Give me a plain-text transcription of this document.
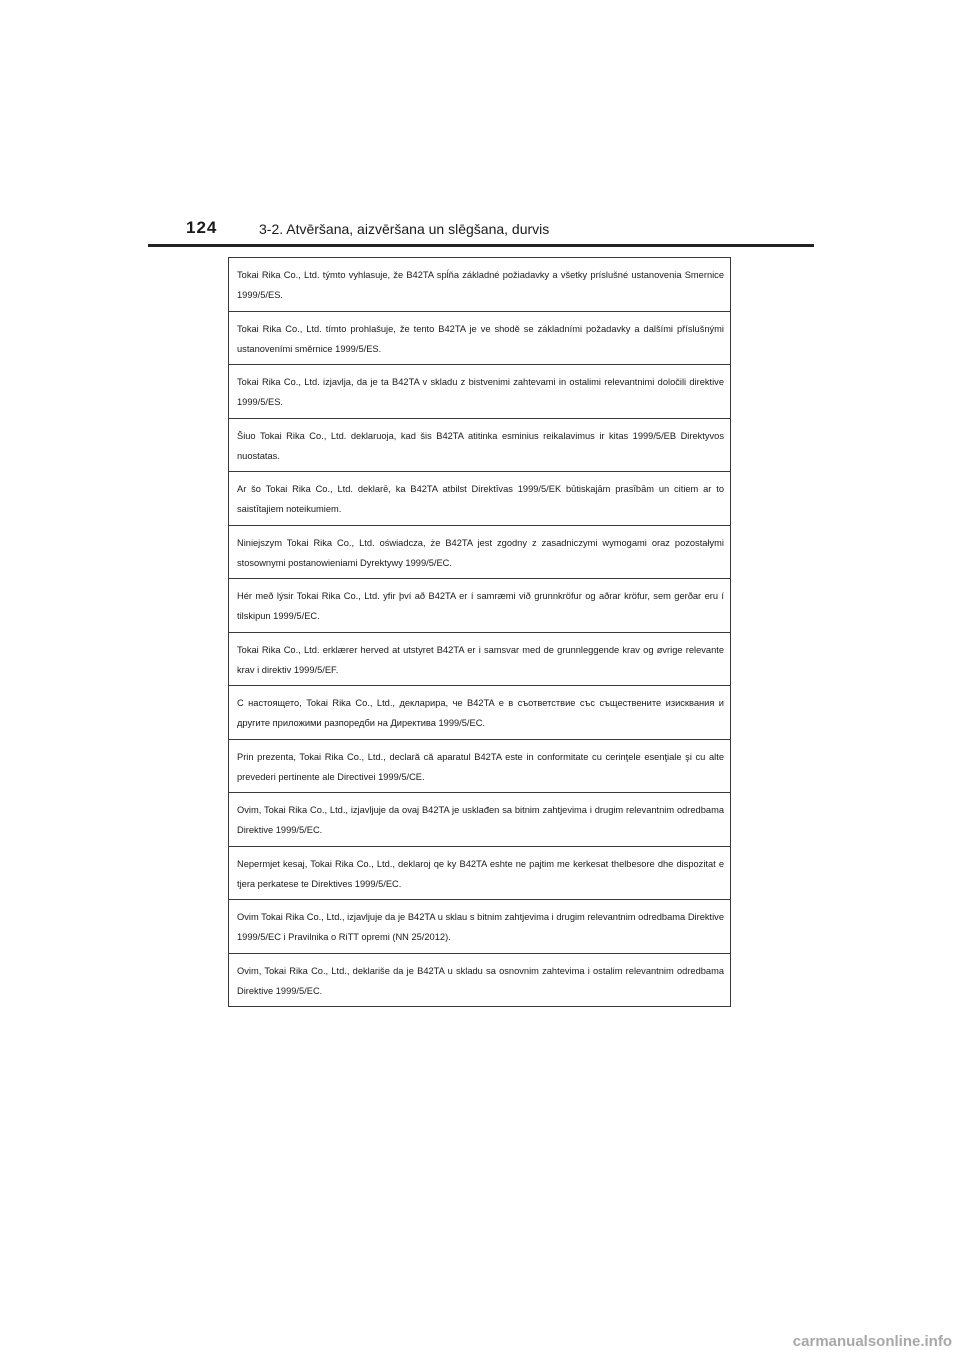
124	3-2. Atvēršana, aizvēršana un slēgšana, durvis
Tokai Rika Co., Ltd. týmto vyhlasuje, že B42TA spĺňa základné požiadavky a všetky príslušné ustanovenia Smernice 1999/5/ES.
Tokai Rika Co., Ltd. tímto prohlašuje, že tento B42TA je ve shodě se základními požadavky a dalšími příslušnými ustanoveními směrnice 1999/5/ES.
Tokai Rika Co., Ltd. izjavlja, da je ta B42TA v skladu z bistvenimi zahtevami in ostalimi relevantnimi določili direktive 1999/5/ES.
Šiuo Tokai Rika Co., Ltd. deklaruoja, kad šis B42TA atitinka esminius reikalavimus ir kitas 1999/5/EB Direktyvos nuostatas.
Ar šo Tokai Rika Co., Ltd. deklarē, ka B42TA atbilst Direktīvas 1999/5/EK būtiskajām prasībām un citiem ar to saistītajiem noteikumiem.
Niniejszym Tokai Rika Co., Ltd. oświadcza, że B42TA jest zgodny z zasadniczymi wymogami oraz pozostałymi stosownymi postanowieniami Dyrektywy 1999/5/EC.
Hér með lýsir Tokai Rika Co., Ltd. yfir því að B42TA er í samræmi við grunnkröfur og aðrar kröfur, sem gerðar eru í tilskipun 1999/5/EC.
Tokai Rika Co., Ltd. erklærer herved at utstyret B42TA er i samsvar med de grunnleggende krav og øvrige relevante krav i direktiv 1999/5/EF.
С настоящето, Tokai Rika Co., Ltd., декларира, че B42TA е в съответствие със съществените изисквания и другите приложими разпоредби на Директива 1999/5/ЕС.
Prin prezenta, Tokai Rika Co., Ltd., declară că aparatul B42TA este in conformitate cu cerinţele esenţiale şi cu alte prevederi pertinente ale Directivei 1999/5/CE.
Ovim, Tokai Rika Co., Ltd., izjavljuje da ovaj B42TA je usklađen sa bitnim zahtjevima i drugim relevantnim odredbama Direktive 1999/5/EC.
Nepermjet kesaj, Tokai Rika Co., Ltd., deklaroj qe ky B42TA eshte ne pajtim me kerkesat thelbesore dhe dispozitat e tjera perkatese te Direktives 1999/5/EC.
Ovim Tokai Rika Co., Ltd., izjavljuje da je B42TA u sklau s bitnim zahtjevima i drugim relevantnim odredbama Direktive 1999/5/EC i Pravilnika o RiTT opremi (NN 25/2012).
Ovim, Tokai Rika Co., Ltd., deklariše da je B42TA u skladu sa osnovnim zahtevima i ostalim relevantnim odredbama Direktive 1999/5/EC.
carmanualsonline.info
